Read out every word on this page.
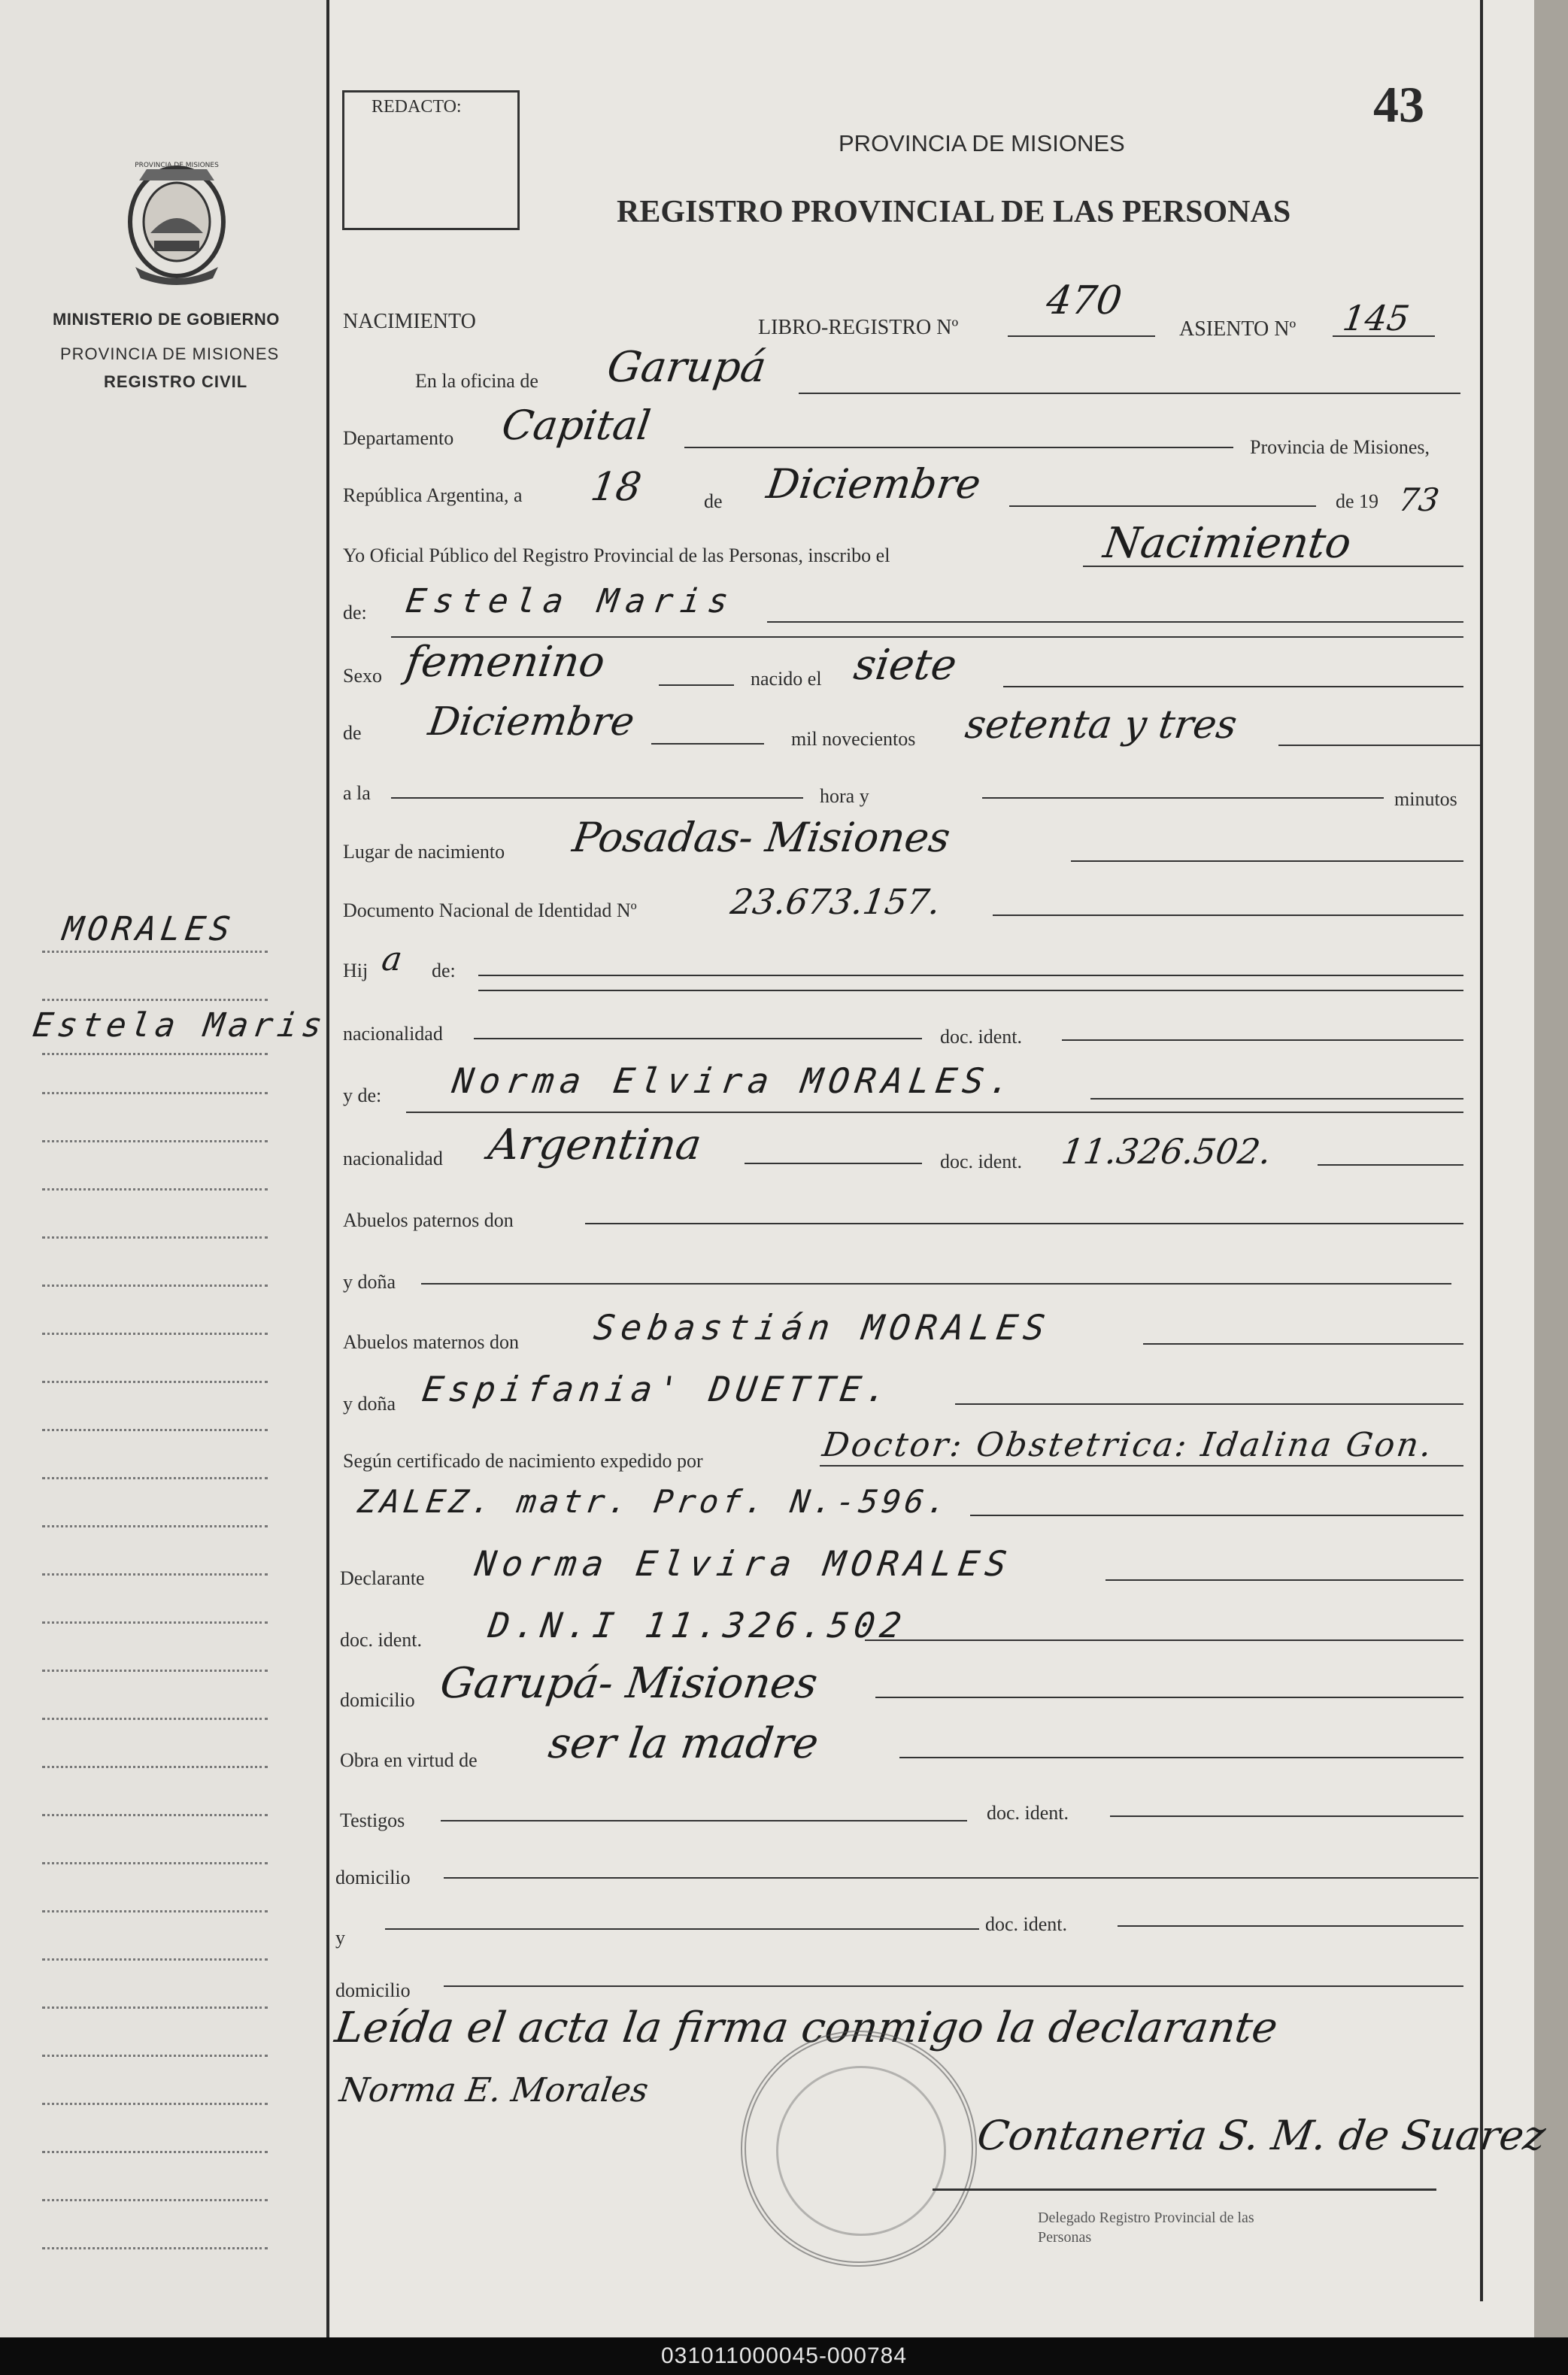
PROVINCIA DE MISIONES
MINISTERIO DE GOBIERNO
PROVINCIA DE MISIONES
REGISTRO CIVIL
MORALES
Estela Maris
REDACTO:	43
PROVINCIA DE MISIONES
REGISTRO PROVINCIAL DE LAS PERSONAS
NACIMIENTO	LIBRO-REGISTRO Nº
470
ASIENTO Nº 145
En la oficina de Garupá
Departamento Capital	Provincia de Misiones,
República Argentina, a 18	de Diciembre	de 19 73
Yo Oficial Público del Registro Provincial de las Personas, inscribo el	Nacimiento
de: Estela Maris
Sexo femenino	nacido el siete
de Diciembre	mil novecientos setenta y tres
a la	hora y	minutos
Lugar de nacimiento Posadas- Misiones
Documento Nacional de Identidad Nº	23.673.157.
Hij a de:
nacionalidad	doc. ident.
y de: Norma Elvira MORALES.
nacionalidad Argentina	doc. ident. 11.326.502.
Abuelos paternos don
y doña
Abuelos maternos don Sebastián MORALES
y doña Espifania' DUETTE.
Según certificado de nacimiento expedido por	Doctor: Obstetrica: Idalina Gon.
ZALEZ. matr. Prof. N.-596.
Declarante Norma Elvira MORALES
doc. ident. D.N.I 11.326.502
domicilio Garupá- Misiones
Obra en virtud de ser la madre
Testigos	doc. ident.
domicilio
y
doc. ident.
domicilio
Leída el acta la firma conmigo la declarante
Norma E. Morales
Contaneria S. M. de Suarez
Delegado Registro Provincial de las Personas
031011000045-000784
